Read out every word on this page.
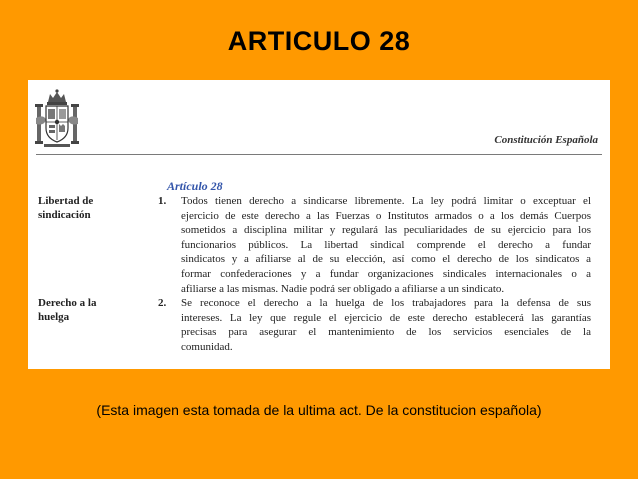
ARTICULO 28
Constitución Española
Artículo 28
Libertad de
sindicación
1. Todos tienen derecho a sindicarse libremente. La ley podrá limitar o exceptuar el
ejercicio de este derecho a las Fuerzas o Institutos armados o a los demás Cuerpos
sometidos a disciplina militar y regulará las peculiaridades de su ejercicio para los
funcionarios públicos. La libertad sindical comprende el derecho a fundar
sindicatos y a afiliarse al de su elección, así como el derecho de los sindicatos a
formar confederaciones y a fundar organizaciones sindicales internacionales o a
afiliarse a las mismas. Nadie podrá ser obligado a afiliarse a un sindicato.
Derecho a la
huelga
2. Se reconoce el derecho a la huelga de los trabajadores para la defensa de sus
intereses. La ley que regule el ejercicio de este derecho establecerá las garantías
precisas para asegurar el mantenimiento de los servicios esenciales de la
comunidad.
(Esta imagen esta tomada de la ultima act. De la constitucion española)
